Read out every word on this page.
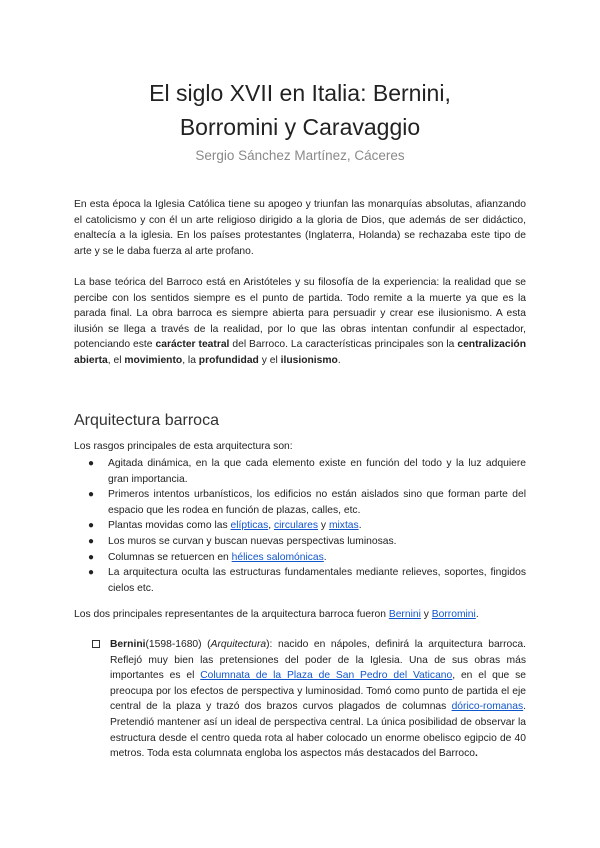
El siglo XVII en Italia: Bernini,
Borromini y Caravaggio
Sergio Sánchez Martínez, Cáceres

En esta época la Iglesia Católica tiene su apogeo y triunfan las monarquías absolutas, afianzando el catolicismo y con él un arte religioso dirigido a la gloria de Dios, que además de ser didáctico, enaltecía a la iglesia. En los países protestantes (Inglaterra, Holanda) se rechazaba este tipo de arte y se le daba fuerza al arte profano.

La base teórica del Barroco está en Aristóteles y su filosofía de la experiencia: la realidad que se percibe con los sentidos siempre es el punto de partida. Todo remite a la muerte ya que es la parada final. La obra barroca es siempre abierta para persuadir y crear ese ilusionismo. A esta ilusión se llega a través de la realidad, por lo que las obras intentan confundir al espectador, potenciando este carácter teatral del Barroco. La características principales son la centralización abierta, el movimiento, la profundidad y el ilusionismo.

Arquitectura barroca

Los rasgos principales de esta arquitectura son:

● Agitada dinámica, en la que cada elemento existe en función del todo y la luz adquiere gran importancia.
● Primeros intentos urbanísticos, los edificios no están aislados sino que forman parte del espacio que les rodea en función de plazas, calles, etc.
● Plantas movidas como las elípticas, circulares y mixtas.
● Los muros se curvan y buscan nuevas perspectivas luminosas.
● Columnas se retuercen en hélices salomónicas.
● La arquitectura oculta las estructuras fundamentales mediante relieves, soportes, fingidos cielos etc.

Los dos principales representantes de la arquitectura barroca fueron Bernini y Borromini.

Bernini(1598-1680) (Arquitectura): nacido en nápoles, definirá la arquitectura barroca. Reflejó muy bien las pretensiones del poder de la Iglesia. Una de sus obras más importantes es el Columnata de la Plaza de San Pedro del Vaticano, en el que se preocupa por los efectos de perspectiva y luminosidad. Tomó como punto de partida el eje central de la plaza y trazó dos brazos curvos plagados de columnas dórico-romanas. Pretendió mantener así un ideal de perspectiva central. La única posibilidad de observar la estructura desde el centro queda rota al haber colocado un enorme obelisco egipcio de 40 metros. Toda esta columnata engloba los aspectos más destacados del Barroco.
